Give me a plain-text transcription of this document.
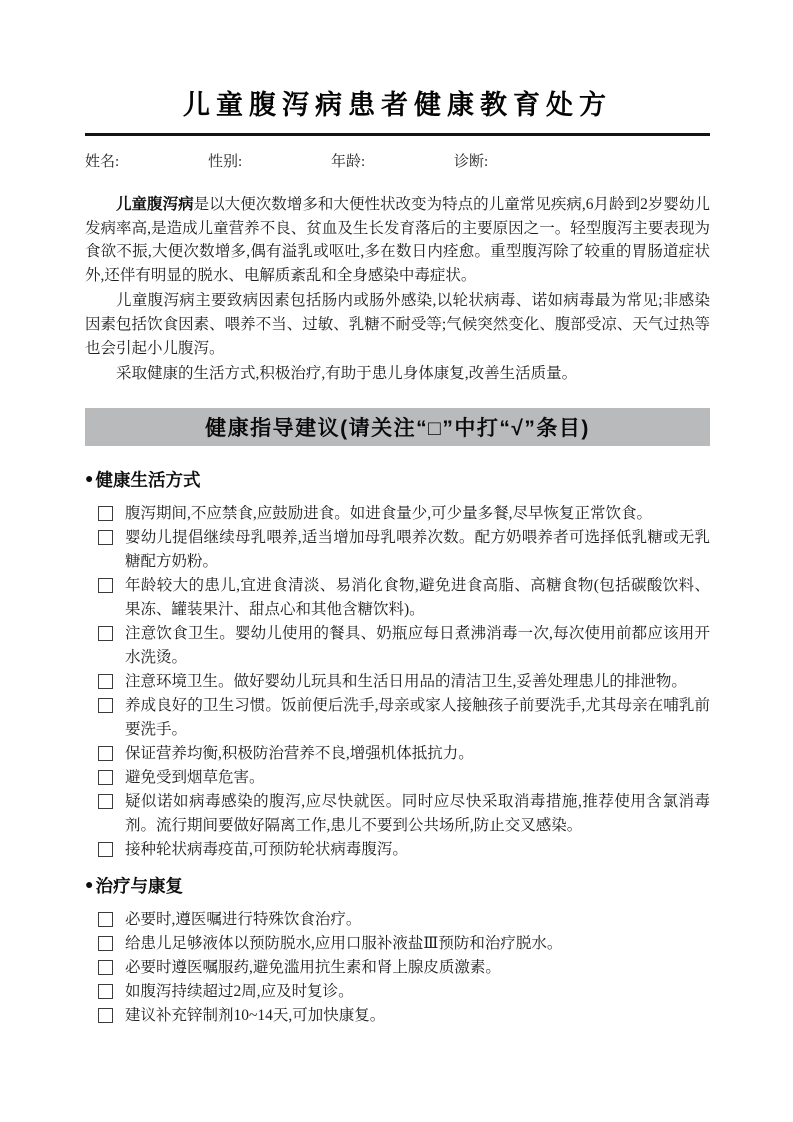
儿童腹泻病患者健康教育处方
姓名:	性别:	年龄:	诊断:

儿童腹泻病是以大便次数增多和大便性状改变为特点的儿童常见疾病,6月龄到2岁婴幼儿发病率高,是造成儿童营养不良、贫血及生长发育落后的主要原因之一。轻型腹泻主要表现为食欲不振,大便次数增多,偶有溢乳或呕吐,多在数日内痊愈。重型腹泻除了较重的胃肠道症状外,还伴有明显的脱水、电解质紊乱和全身感染中毒症状。

儿童腹泻病主要致病因素包括肠内或肠外感染,以轮状病毒、诺如病毒最为常见;非感染因素包括饮食因素、喂养不当、过敏、乳糖不耐受等;气候突然变化、腹部受凉、天气过热等也会引起小儿腹泻。

采取健康的生活方式,积极治疗,有助于患儿身体康复,改善生活质量。

健康指导建议(请关注“□”中打“√”条目)
● 健康生活方式
腹泻期间,不应禁食,应鼓励进食。如进食量少,可少量多餐,尽早恢复正常饮食。
婴幼儿提倡继续母乳喂养,适当增加母乳喂养次数。配方奶喂养者可选择低乳糖或无乳糖配方奶粉。
年龄较大的患儿,宜进食清淡、易消化食物,避免进食高脂、高糖食物(包括碳酸饮料、果冻、罐装果汁、甜点心和其他含糖饮料)。
注意饮食卫生。婴幼儿使用的餐具、奶瓶应每日煮沸消毒一次,每次使用前都应该用开水洗烫。
注意环境卫生。做好婴幼儿玩具和生活日用品的清洁卫生,妥善处理患儿的排泄物。
养成良好的卫生习惯。饭前便后洗手,母亲或家人接触孩子前要洗手,尤其母亲在哺乳前要洗手。
保证营养均衡,积极防治营养不良,增强机体抵抗力。
避免受到烟草危害。
疑似诺如病毒感染的腹泻,应尽快就医。同时应尽快采取消毒措施,推荐使用含氯消毒剂。流行期间要做好隔离工作,患儿不要到公共场所,防止交叉感染。
接种轮状病毒疫苗,可预防轮状病毒腹泻。
● 治疗与康复
必要时,遵医嘱进行特殊饮食治疗。
给患儿足够液体以预防脱水,应用口服补液盐Ⅲ预防和治疗脱水。
必要时遵医嘱服药,避免滥用抗生素和肾上腺皮质激素。
如腹泻持续超过2周,应及时复诊。
建议补充锌制剂10~14天,可加快康复。
